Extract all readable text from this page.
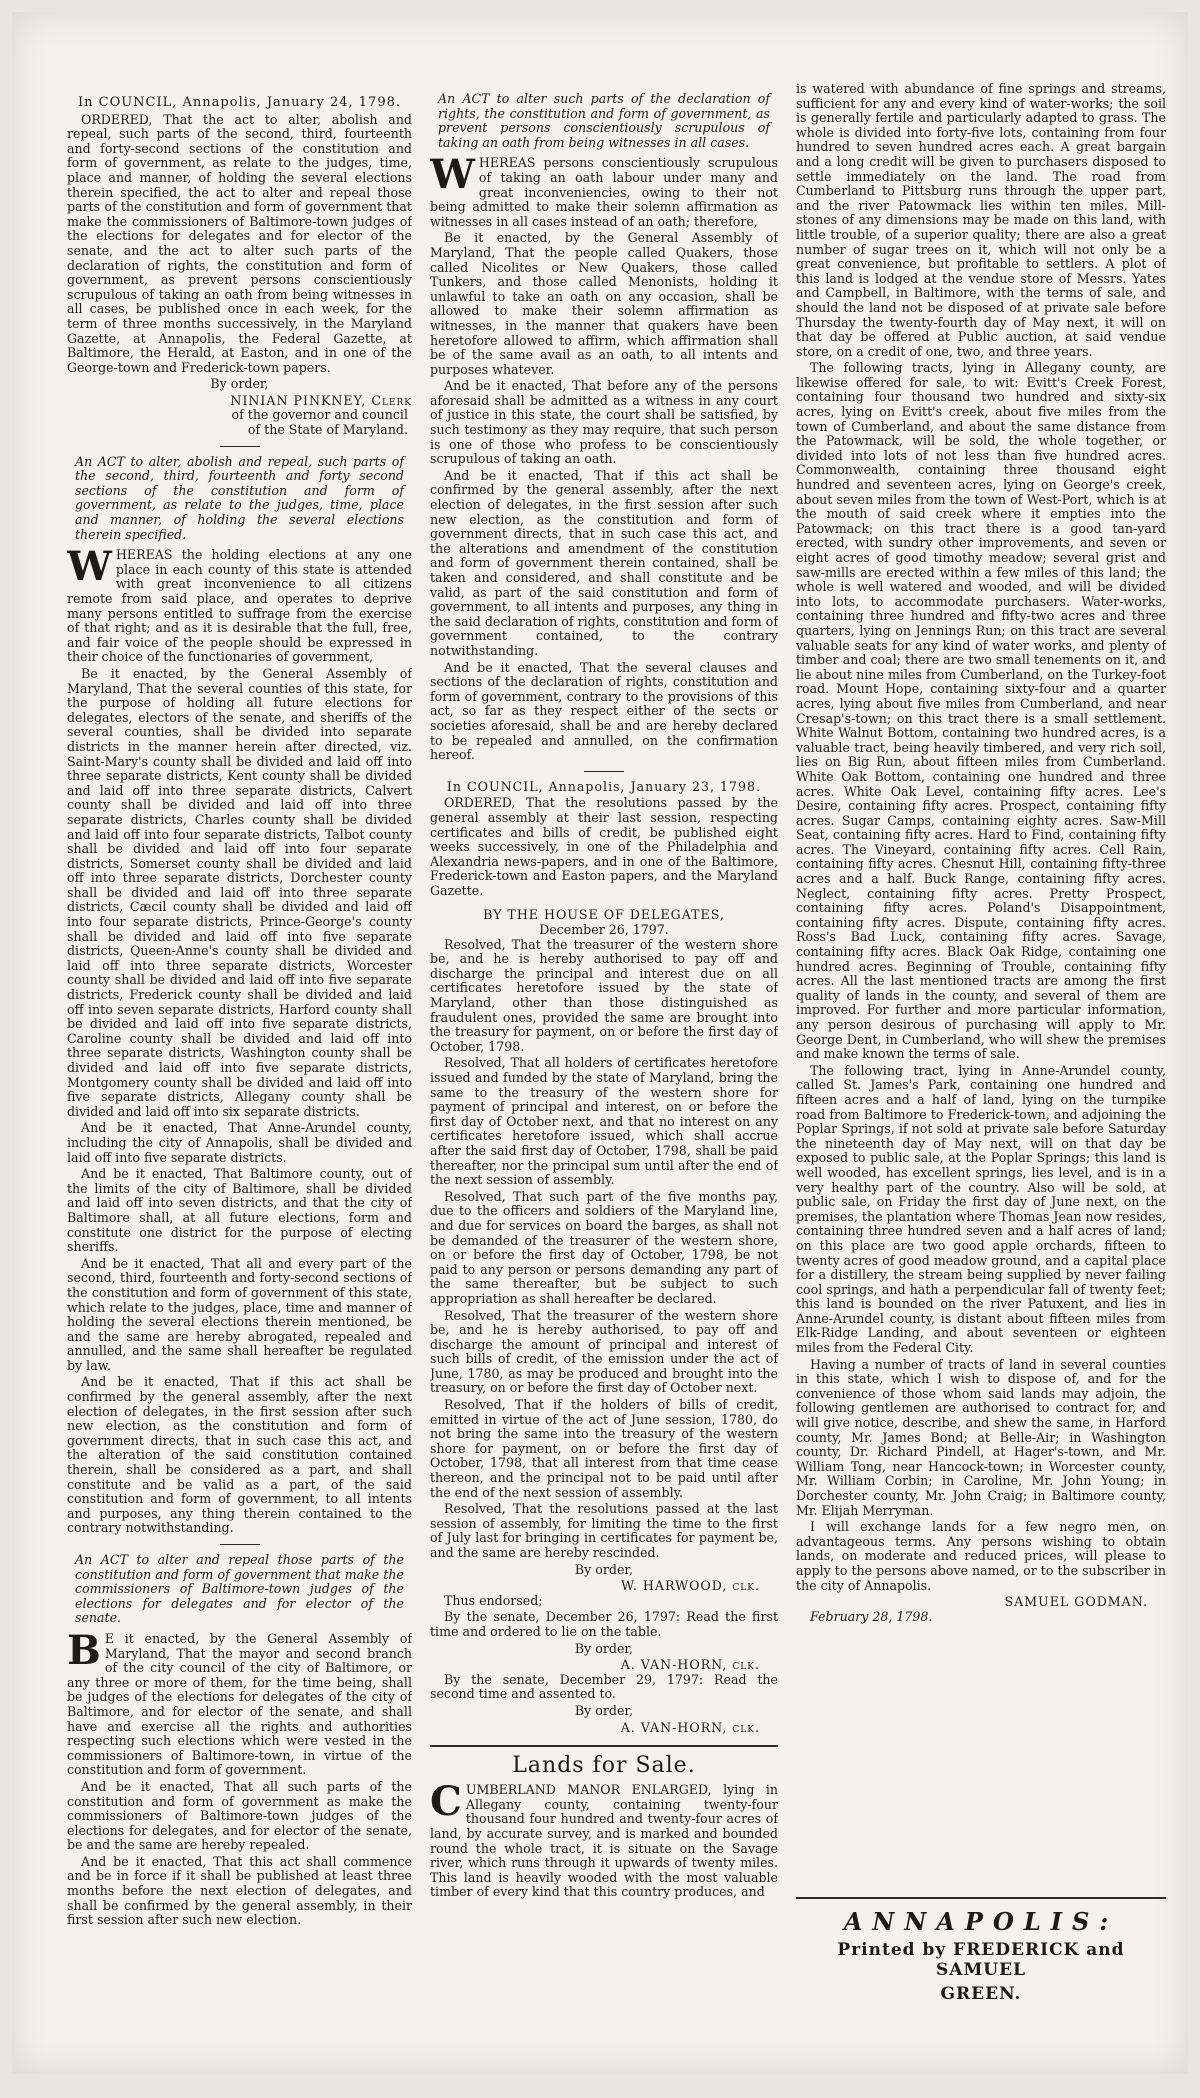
In COUNCIL, Annapolis, January 24, 1798.

ORDERED, That the act to alter, abolish and repeal, such parts of the second, third, fourteenth and forty-second sections of the constitution and form of government, as relate to the judges, time, place and manner, of holding the several elections therein specified, the act to alter and repeal those parts of the constitution and form of government that make the commissioners of Baltimore-town judges of the elections for delegates and for elector of the senate, and the act to alter such parts of the declaration of rights, the constitution and form of government, as prevent persons conscientiously scrupulous of taking an oath from being witnesses in all cases, be published once in each week, for the term of three months successively, in the Maryland Gazette, at Annapolis, the Federal Gazette, at Baltimore, the Herald, at Easton, and in one of the George-town and Frederick-town papers.

By order,

NINIAN PINKNEY, Clerk
of the governor and council
of the State of Maryland.

An ACT to alter, abolish and repeal, such parts of the second, third, fourteenth and forty second sections of the constitution and form of government, as relate to the judges, time, place and manner, of holding the several elections therein specified.

WHEREAS the holding elections at any one place in each county of this state is attended with great inconvenience to all citizens remote from said place, and operates to deprive many persons entitled to suffrage from the exercise of that right; and as it is desirable that the full, free, and fair voice of the people should be expressed in their choice of the functionaries of government,

Be it enacted, by the General Assembly of Maryland, That the several counties of this state, for the purpose of holding all future elections for delegates, electors of the senate, and sheriffs of the several counties, shall be divided into separate districts in the manner herein after directed, viz. Saint-Mary's county shall be divided and laid off into three separate districts, Kent county shall be divided and laid off into three separate districts, Calvert county shall be divided and laid off into three separate districts, Charles county shall be divided and laid off into four separate districts, Talbot county shall be divided and laid off into four separate districts, Somerset county shall be divided and laid off into three separate districts, Dorchester county shall be divided and laid off into three separate districts, Cæcil county shall be divided and laid off into four separate districts, Prince-George's county shall be divided and laid off into five separate districts, Queen-Anne's county shall be divided and laid off into three separate districts, Worcester county shall be divided and laid off into five separate districts, Frederick county shall be divided and laid off into seven separate districts, Harford county shall be divided and laid off into five separate districts, Caroline county shall be divided and laid off into three separate districts, Washington county shall be divided and laid off into five separate districts, Montgomery county shall be divided and laid off into five separate districts, Allegany county shall be divided and laid off into six separate districts.

And be it enacted, That Anne-Arundel county, including the city of Annapolis, shall be divided and laid off into five separate districts.

And be it enacted, That Baltimore county, out of the limits of the city of Baltimore, shall be divided and laid off into seven districts, and that the city of Baltimore shall, at all future elections, form and constitute one district for the purpose of electing sheriffs.

And be it enacted, That all and every part of the second, third, fourteenth and forty-second sections of the constitution and form of government of this state, which relate to the judges, place, time and manner of holding the several elections therein mentioned, be and the same are hereby abrogated, repealed and annulled, and the same shall hereafter be regulated by law.

And be it enacted, That if this act shall be confirmed by the general assembly, after the next election of delegates, in the first session after such new election, as the constitution and form of government directs, that in such case this act, and the alteration of the said constitution contained therein, shall be considered as a part, and shall constitute and be valid as a part, of the said constitution and form of government, to all intents and purposes, any thing therein contained to the contrary notwithstanding.

An ACT to alter and repeal those parts of the constitution and form of government that make the commissioners of Baltimore-town judges of the elections for delegates and for elector of the senate.

B E it enacted, by the General Assembly of Maryland, That the mayor and second branch of the city council of the city of Baltimore, or any three or more of them, for the time being, shall be judges of the elections for delegates of the city of Baltimore, and for elector of the senate, and shall have and exercise all the rights and authorities respecting such elections which were vested in the commissioners of Baltimore-town, in virtue of the constitution and form of government.

And be it enacted, That all such parts of the constitution and form of government as make the commissioners of Baltimore-town judges of the elections for delegates, and for elector of the senate, be and the same are hereby repealed.

And be it enacted, That this act shall commence and be in force if it shall be published at least three months before the next election of delegates, and shall be confirmed by the general assembly, in their first session after such new election.

An ACT to alter such parts of the declaration of rights, the constitution and form of government, as prevent persons conscientiously scrupulous of taking an oath from being witnesses in all cases.

WHEREAS persons conscientiously scrupulous of taking an oath labour under many and great inconveniencies, owing to their not being admitted to make their solemn affirmation as witnesses in all cases instead of an oath; therefore,

Be it enacted, by the General Assembly of Maryland, That the people called Quakers, those called Nicolites or New Quakers, those called Tunkers, and those called Menonists, holding it unlawful to take an oath on any occasion, shall be allowed to make their solemn affirmation as witnesses, in the manner that quakers have been heretofore allowed to affirm, which affirmation shall be of the same avail as an oath, to all intents and purposes whatever.

And be it enacted, That before any of the persons aforesaid shall be admitted as a witness in any court of justice in this state, the court shall be satisfied, by such testimony as they may require, that such person is one of those who profess to be conscientiously scrupulous of taking an oath.

And be it enacted, That if this act shall be confirmed by the general assembly, after the next election of delegates, in the first session after such new election, as the constitution and form of government directs, that in such case this act, and the alterations and amendment of the constitution and form of government therein contained, shall be taken and considered, and shall constitute and be valid, as part of the said constitution and form of government, to all intents and purposes, any thing in the said declaration of rights, constitution and form of government contained, to the contrary notwithstanding.

And be it enacted, That the several clauses and sections of the declaration of rights, constitution and form of government, contrary to the provisions of this act, so far as they respect either of the sects or societies aforesaid, shall be and are hereby declared to be repealed and annulled, on the confirmation hereof.

In COUNCIL, Annapolis, January 23, 1798.

ORDERED, That the resolutions passed by the general assembly at their last session, respecting certificates and bills of credit, be published eight weeks successively, in one of the Philadelphia and Alexandria news-papers, and in one of the Baltimore, Frederick-town and Easton papers, and the Maryland Gazette.

BY THE HOUSE OF DELEGATES,
December 26, 1797.

Resolved, That the treasurer of the western shore be, and he is hereby authorised to pay off and discharge the principal and interest due on all certificates heretofore issued by the state of Maryland, other than those distinguished as fraudulent ones, provided the same are brought into the treasury for payment, on or before the first day of October, 1798.

Resolved, That all holders of certificates heretofore issued and funded by the state of Maryland, bring the same to the treasury of the western shore for payment of principal and interest, on or before the first day of October next, and that no interest on any certificates heretofore issued, which shall accrue after the said first day of October, 1798, shall be paid thereafter, nor the principal sum until after the end of the next session of assembly.

Resolved, That such part of the five months pay, due to the officers and soldiers of the Maryland line, and due for services on board the barges, as shall not be demanded of the treasurer of the western shore, on or before the first day of October, 1798, be not paid to any person or persons demanding any part of the same thereafter, but be subject to such appropriation as shall hereafter be declared.

Resolved, That the treasurer of the western shore be, and he is hereby authorised, to pay off and discharge the amount of principal and interest of such bills of credit, of the emission under the act of June, 1780, as may be produced and brought into the treasury, on or before the first day of October next.

Resolved, That if the holders of bills of credit, emitted in virtue of the act of June session, 1780, do not bring the same into the treasury of the western shore for payment, on or before the first day of October, 1798, that all interest from that time cease thereon, and the principal not to be paid until after the end of the next session of assembly.

Resolved, That the resolutions passed at the last session of assembly, for limiting the time to the first of July last for bringing in certificates for payment be, and the same are hereby rescinded.

By order,

W. HARWOOD, clk.

Thus endorsed;

By the senate, December 26, 1797: Read the first time and ordered to lie on the table.

By order,

A. VAN-HORN, clk.

By the senate, December 29, 1797: Read the second time and assented to.

By order,

A. VAN-HORN, clk.
Lands for Sale.

CUMBERLAND MANOR ENLARGED, lying in Allegany county, containing twenty-four thousand four hundred and twenty-four acres of land, by accurate survey, and is marked and bounded round the whole tract, it is situate on the Savage river, which runs through it upwards of twenty miles. This land is heavily wooded with the most valuable timber of every kind that this country produces, and

is watered with abundance of fine springs and streams, sufficient for any and every kind of water-works; the soil is generally fertile and particularly adapted to grass. The whole is divided into forty-five lots, containing from four hundred to seven hundred acres each. A great bargain and a long credit will be given to purchasers disposed to settle immediately on the land. The road from Cumberland to Pittsburg runs through the upper part, and the river Patowmack lies within ten miles. Mill-stones of any dimensions may be made on this land, with little trouble, of a superior quality; there are also a great number of sugar trees on it, which will not only be a great convenience, but profitable to settlers. A plot of this land is lodged at the vendue store of Messrs. Yates and Campbell, in Baltimore, with the terms of sale, and should the land not be disposed of at private sale before Thursday the twenty-fourth day of May next, it will on that day be offered at Public auction, at said vendue store, on a credit of one, two, and three years.

The following tracts, lying in Allegany county, are likewise offered for sale, to wit: Evitt's Creek Forest, containing four thousand two hundred and sixty-six acres, lying on Evitt's creek, about five miles from the town of Cumberland, and about the same distance from the Patowmack, will be sold, the whole together, or divided into lots of not less than five hundred acres. Commonwealth, containing three thousand eight hundred and seventeen acres, lying on George's creek, about seven miles from the town of West-Port, which is at the mouth of said creek where it empties into the Patowmack; on this tract there is a good tan-yard erected, with sundry other improvements, and seven or eight acres of good timothy meadow; several grist and saw-mills are erected within a few miles of this land; the whole is well watered and wooded, and will be divided into lots, to accommodate purchasers. Water-works, containing three hundred and fifty-two acres and three quarters, lying on Jennings Run; on this tract are several valuable seats for any kind of water works, and plenty of timber and coal; there are two small tenements on it, and lie about nine miles from Cumberland, on the Turkey-foot road. Mount Hope, containing sixty-four and a quarter acres, lying about five miles from Cumberland, and near Cresap's-town; on this tract there is a small settlement. White Walnut Bottom, containing two hundred acres, is a valuable tract, being heavily timbered, and very rich soil, lies on Big Run, about fifteen miles from Cumberland. White Oak Bottom, containing one hundred and three acres. White Oak Level, containing fifty acres. Lee's Desire, containing fifty acres. Prospect, containing fifty acres. Sugar Camps, containing eighty acres. Saw-Mill Seat, containing fifty acres. Hard to Find, containing fifty acres. The Vineyard, containing fifty acres. Cell Rain, containing fifty acres. Chesnut Hill, containing fifty-three acres and a half. Buck Range, containing fifty acres. Neglect, containing fifty acres. Pretty Prospect, containing fifty acres. Poland's Disappointment, containing fifty acres. Dispute, containing fifty acres. Ross's Bad Luck, containing fifty acres. Savage, containing fifty acres. Black Oak Ridge, containing one hundred acres. Beginning of Trouble, containing fifty acres. All the last mentioned tracts are among the first quality of lands in the county, and several of them are improved. For further and more particular information, any person desirous of purchasing will apply to Mr. George Dent, in Cumberland, who will shew the premises and make known the terms of sale.

The following tract, lying in Anne-Arundel county, called St. James's Park, containing one hundred and fifteen acres and a half of land, lying on the turnpike road from Baltimore to Frederick-town, and adjoining the Poplar Springs, if not sold at private sale before Saturday the nineteenth day of May next, will on that day be exposed to public sale, at the Poplar Springs; this land is well wooded, has excellent springs, lies level, and is in a very healthy part of the country. Also will be sold, at public sale, on Friday the first day of June next, on the premises, the plantation where Thomas Jean now resides, containing three hundred seven and a half acres of land; on this place are two good apple orchards, fifteen to twenty acres of good meadow ground, and a capital place for a distillery, the stream being supplied by never failing cool springs, and hath a perpendicular fall of twenty feet; this land is bounded on the river Patuxent, and lies in Anne-Arundel county, is distant about fifteen miles from Elk-Ridge Landing, and about seventeen or eighteen miles from the Federal City.

Having a number of tracts of land in several counties in this state, which I wish to dispose of, and for the convenience of those whom said lands may adjoin, the following gentlemen are authorised to contract for, and will give notice, describe, and shew the same, in Harford county, Mr. James Bond; at Belle-Air; in Washington county, Dr. Richard Pindell, at Hager's-town, and Mr. William Tong, near Hancock-town; in Worcester county, Mr. William Corbin; in Caroline, Mr. John Young; in Dorchester county, Mr. John Craig; in Baltimore county, Mr. Elijah Merryman.

I will exchange lands for a few negro men, on advantageous terms. Any persons wishing to obtain lands, on moderate and reduced prices, will please to apply to the persons above named, or to the subscriber in the city of Annapolis.

SAMUEL GODMAN.

February 28, 1798.

ANNAPOLIS:
Printed by FREDERICK and SAMUEL
GREEN.
